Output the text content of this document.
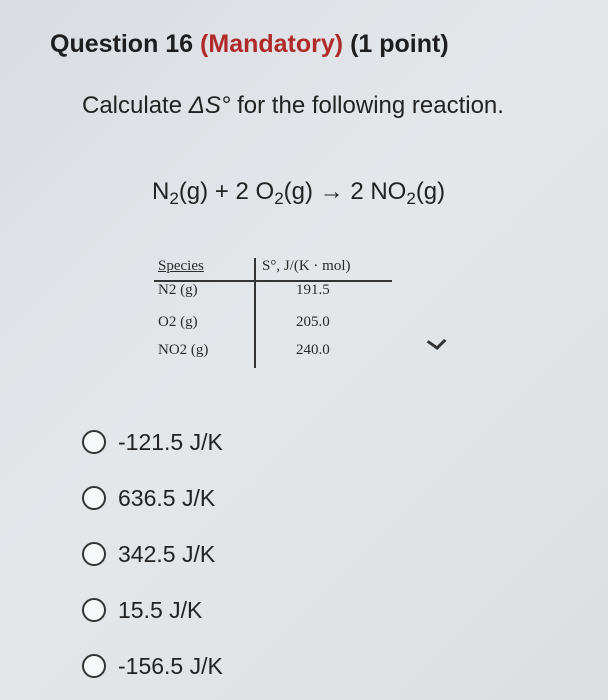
Question 16 (Mandatory) (1 point)
Calculate ΔS° for the following reaction.
$N_2(g) + 2$ $O_2(g) \to 2$ $NO_2(g)$
Species	S°, J/(K · mol)
N2 (g)	191.5
O2 (g)	205.0
NO2 (g)	240.0
-121.5 J/K
636.5 J/K
342.5 J/K
15.5 J/K
-156.5 J/K
